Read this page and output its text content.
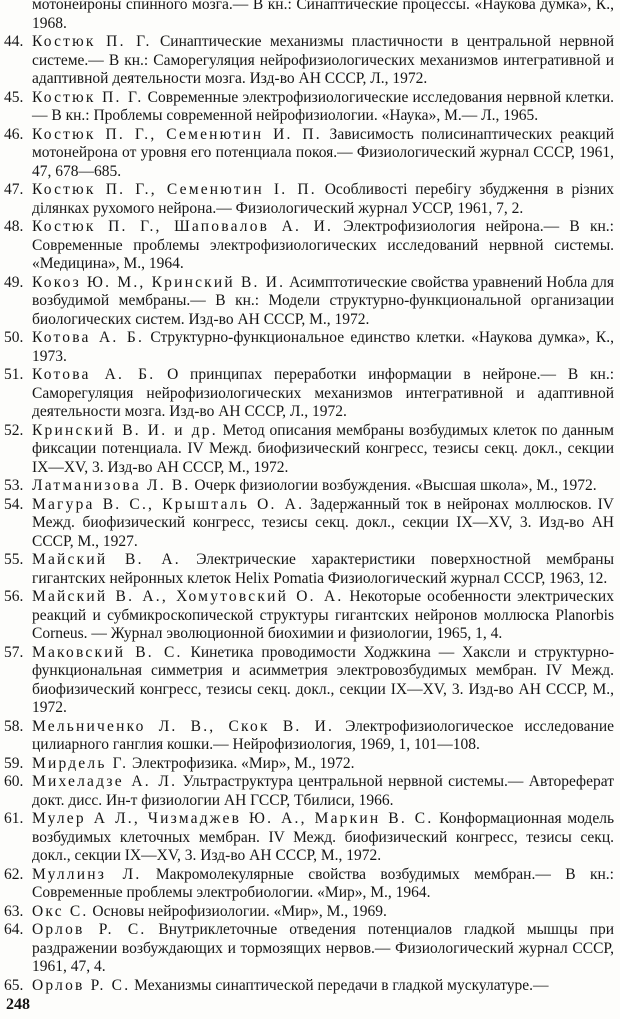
мотонейроны спинного мозга.— В кн.: Синаптические процессы. «Наукова думка», К., 1968.
44. Костюк П. Г. Синаптические механизмы пластичности в центральной нервной системе.— В кн.: Саморегуляция нейрофизиологических механизмов интегративной и адаптивной деятельности мозга. Изд-во АН СССР, Л., 1972.
45. Костюк П. Г. Современные электрофизиологические исследования нервной клетки.— В кн.: Проблемы современной нейрофизиологии. «Наука», М.— Л., 1965.
46. Костюк П. Г., Семенютин И. П. Зависимость полисинаптических реакций мотонейрона от уровня его потенциала покоя.— Физиологический журнал СССР, 1961, 47, 678—685.
47. Костюк П. Г., Семенютин І. П. Особливості перебігу збудження в різних ділянках рухомого нейрона.— Физиологический журнал УССР, 1961, 7, 2.
48. Костюк П. Г., Шаповалов А. И. Электрофизиология нейрона.— В кн.: Современные проблемы электрофизиологических исследований нервной системы. «Медицина», М., 1964.
49. Кокоз Ю. М., Кринский В. И. Асимптотические свойства уравнений Нобла для возбудимой мембраны.— В кн.: Модели структурно-функциональной организации биологических систем. Изд-во АН СССР, М., 1972.
50. Котова А. Б. Структурно-функциональное единство клетки. «Наукова думка», К., 1973.
51. Котова А. Б. О принципах переработки информации в нейроне.— В кн.: Саморегуляция нейрофизиологических механизмов интегративной и адаптивной деятельности мозга. Изд-во АН СССР, Л., 1972.
52. Кринский В. И. и др. Метод описания мембраны возбудимых клеток по данным фиксации потенциала. IV Межд. биофизический конгресс, тезисы секц. докл., секции IX—XV, 3. Изд-во АН СССР, М., 1972.
53. Латманизова Л. В. Очерк физиологии возбуждения. «Высшая школа», М., 1972.
54. Магура В. С., Крышталь О. А. Задержанный ток в нейронах моллюсков. IV Межд. биофизический конгресс, тезисы секц. докл., секции IX—XV, 3. Изд-во АН СССР, М., 1927.
55. Майский В. А. Электрические характеристики поверхностной мембраны гигантских нейронных клеток Helix Pomatia Физиологический журнал СССР, 1963, 12.
56. Майский В. А., Хомутовский О. А. Некоторые особенности электрических реакций и субмикроскопической структуры гигантских нейронов моллюска Planorbis Corneus. — Журнал эволюционной биохимии и физиологии, 1965, 1, 4.
57. Маковский В. С. Кинетика проводимости Ходжкина — Хаксли и структурно-функциональная симметрия и асимметрия электровозбудимых мембран. IV Межд. биофизический конгресс, тезисы секц. докл., секции IX—XV, 3. Изд-во АН СССР, М., 1972.
58. Мельниченко Л. В., Скок В. И. Электрофизиологическое исследование цилиарного ганглия кошки.— Нейрофизиология, 1969, 1, 101—108.
59. Мирдель Г. Электрофизика. «Мир», М., 1972.
60. Михеладзе А. Л. Ультраструктура центральной нервной системы.— Автореферат докт. дисс. Ин-т физиологии АН ГССР, Тбилиси, 1966.
61. Мулер А Л., Чизмаджев Ю. А., Маркин В. С. Конформационная модель возбудимых клеточных мембран. IV Межд. биофизический конгресс, тезисы секц. докл., секции IX—XV, 3. Изд-во АН СССР, М., 1972.
62. Муллинз Л. Макромолекулярные свойства возбудимых мембран.— В кн.: Современные проблемы электробиологии. «Мир», М., 1964.
63. Окс С. Основы нейрофизиологии. «Мир», М., 1969.
64. Орлов Р. С. Внутриклеточные отведения потенциалов гладкой мышцы при раздражении возбуждающих и тормозящих нервов.— Физиологический журнал СССР, 1961, 47, 4.
65. Орлов Р. С. Механизмы синаптической передачи в гладкой мускулатуре.—
248
